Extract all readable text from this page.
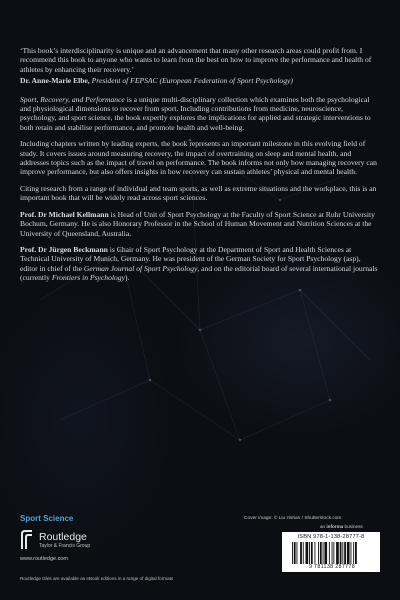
‘This book’s interdisciplinarity is unique and an advancement that many other research areas could profit from. I recommend this book to anyone who wants to learn from the best on how to improve the performance and health of athletes by enhancing their recovery.’

Dr. Anne-Marie Elbe, President of FEPSAC (European Federation of Sport Psychology)

Sport, Recovery, and Performance is a unique multi-disciplinary collection which examines both the psychological and physiological dimensions to recover from sport. Including contributions from medicine, neuroscience, psychology, and sport science, the book expertly explores the implications for applied and strategic interventions to both retain and stabilise performance, and promote health and well-being.

Including chapters written by leading experts, the book represents an important milestone in this evolving field of study. It covers issues around measuring recovery, the impact of overtraining on sleep and mental health, and addresses topics such as the impact of travel on performance. The book informs not only how managing recovery can improve performance, but also offers insights in how recovery can sustain athletes’ physical and mental health.

Citing research from a range of individual and team sports, as well as extreme situations and the workplace, this is an important book that will be widely read across sport sciences.

Prof. Dr Michael Kellmann is Head of Unit of Sport Psychology at the Faculty of Sport Science at Ruhr University Bochum, Germany. He is also Honorary Professor in the School of Human Movement and Nutrition Sciences at the University of Queensland, Australia.

Prof. Dr Jürgen Beckmann is Chair of Sport Psychology at the Department of Sport and Health Sciences at Technical University of Munich, Germany. He was president of the German Society for Sport Psychology (asp), editor in chief of the German Journal of Sport Psychology, and on the editorial board of several international journals (currently Frontiers in Psychology).

Sport Science
Routledge
Taylor & Francis Group
www.routledge.com
Routledge titles are available as eBook editions in a range of digital formats
Cover image: © Liu zishan / Shutterstock.com
an informa business
ISBN 978-1-138-28777-8
9 781138 287778
